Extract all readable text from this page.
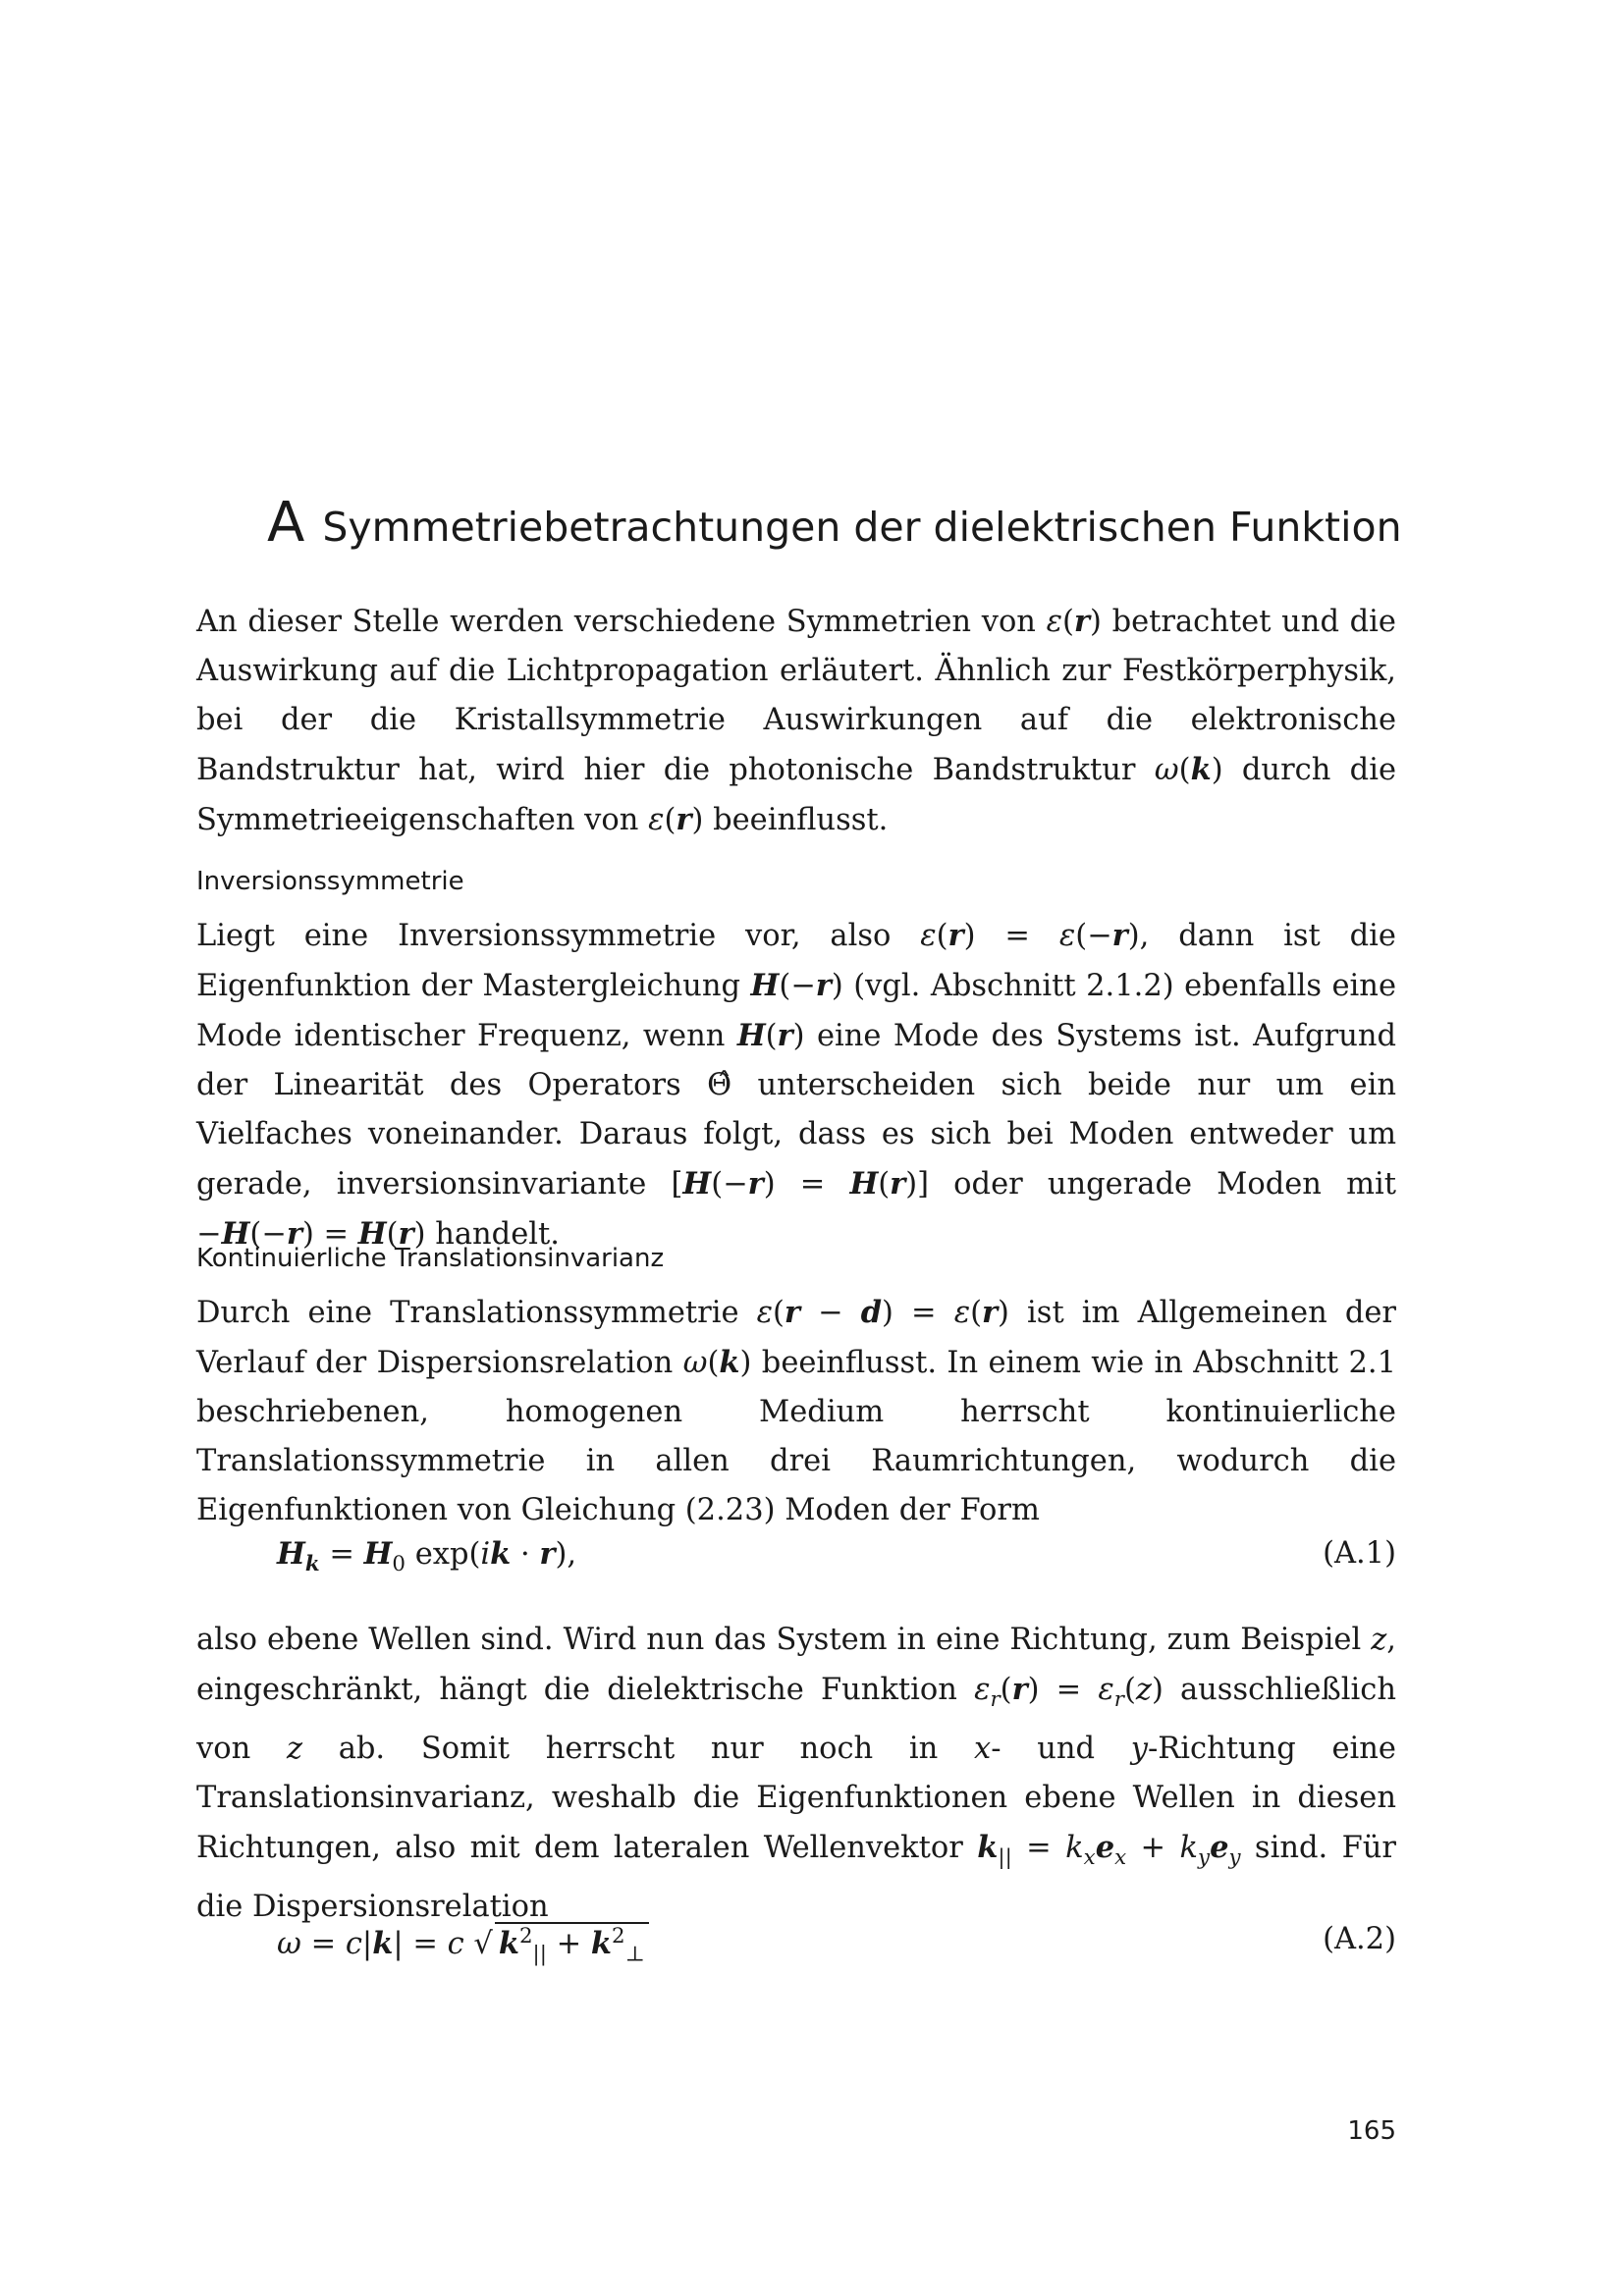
A Symmetriebetrachtungen der dielektrischen Funktion

An dieser Stelle werden verschiedene Symmetrien von ε(r) betrachtet und die Auswirkung auf die Lichtpropagation erläutert. Ähnlich zur Festkörperphysik, bei der die Kristallsymmetrie Auswirkungen auf die elektronische Bandstruktur hat, wird hier die photonische Bandstruktur ω(k) durch die Symmetrieeigenschaften von ε(r) beeinflusst.

Inversionssymmetrie

Liegt eine Inversionssymmetrie vor, also ε(r) = ε(−r), dann ist die Eigenfunktion der Mastergleichung H(−r) (vgl. Abschnitt 2.1.2) ebenfalls eine Mode identischer Frequenz, wenn H(r) eine Mode des Systems ist. Aufgrund der Linearität des Operators Θ̂ unterscheiden sich beide nur um ein Vielfaches voneinander. Daraus folgt, dass es sich bei Moden entweder um gerade, inversionsinvariante [H(−r) = H(r)] oder ungerade Moden mit −H(−r) = H(r) handelt.

Kontinuierliche Translationsinvarianz

Durch eine Translationssymmetrie ε(r − d) = ε(r) ist im Allgemeinen der Verlauf der Dispersionsrelation ω(k) beeinflusst. In einem wie in Abschnitt 2.1 beschriebenen, homogenen Medium herrscht kontinuierliche Translationssymmetrie in allen drei Raumrichtungen, wodurch die Eigenfunktionen von Gleichung (2.23) Moden der Form

$H_k = H_0$ exp(ik · r),	(A.1)

also ebene Wellen sind. Wird nun das System in eine Richtung, zum Beispiel z, eingeschränkt, hängt die dielektrische Funktion $\varepsilon_r(r) = \varepsilon_r(z)$ ausschließlich von z ab. Somit herrscht nur noch in x- und y-Richtung eine Translationsinvarianz, weshalb die Eigenfunktionen ebene Wellen in diesen Richtungen, also mit dem lateralen Wellenvektor $k_{||} = k_xe_x + k_ye_y$ sind. Für die Dispersionsrelation

ω = c|k| = c √ $k^2_{||} + k^2_\perp$	(A.2)
165
